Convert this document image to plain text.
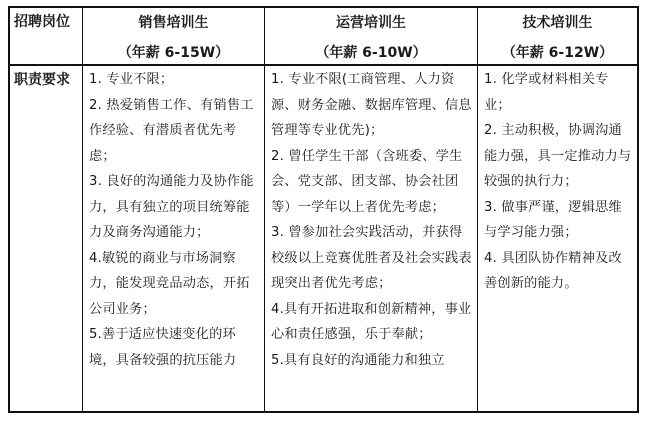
招聘岗位	销售培训生
（年薪 6-15W）
运营培训生
（年薪 6-10W）
技术培训生
（年薪 6-12W）
职责要求	1. 专业不限；

2. 热爱销售工作、有销售工作经验、有潜质者优先考虑；

3. 良好的沟通能力及协作能力，具有独立的项目统筹能力及商务沟通能力；

4.敏锐的商业与市场洞察力，能发现竞品动态，开拓公司业务；

5.善于适应快速变化的环境，具备较强的抗压能力

1. 专业不限(工商管理、人力资源、财务金融、数据库管理、信息管理等专业优先)；

2. 曾任学生干部（含班委、学生会、党支部、团支部、协会社团等）一学年以上者优先考虑；

3. 曾参加社会实践活动，并获得校级以上竞赛优胜者及社会实践表现突出者优先考虑；

4.具有开拓进取和创新精神，事业心和责任感强，乐于奉献；

5.具有良好的沟通能力和独立

1. 化学或材料相关专业；

2. 主动积极，协调沟通能力强，具一定推动力与较强的执行力；

3. 做事严谨，逻辑思维与学习能力强；

4. 具团队协作精神及改善创新的能力。
